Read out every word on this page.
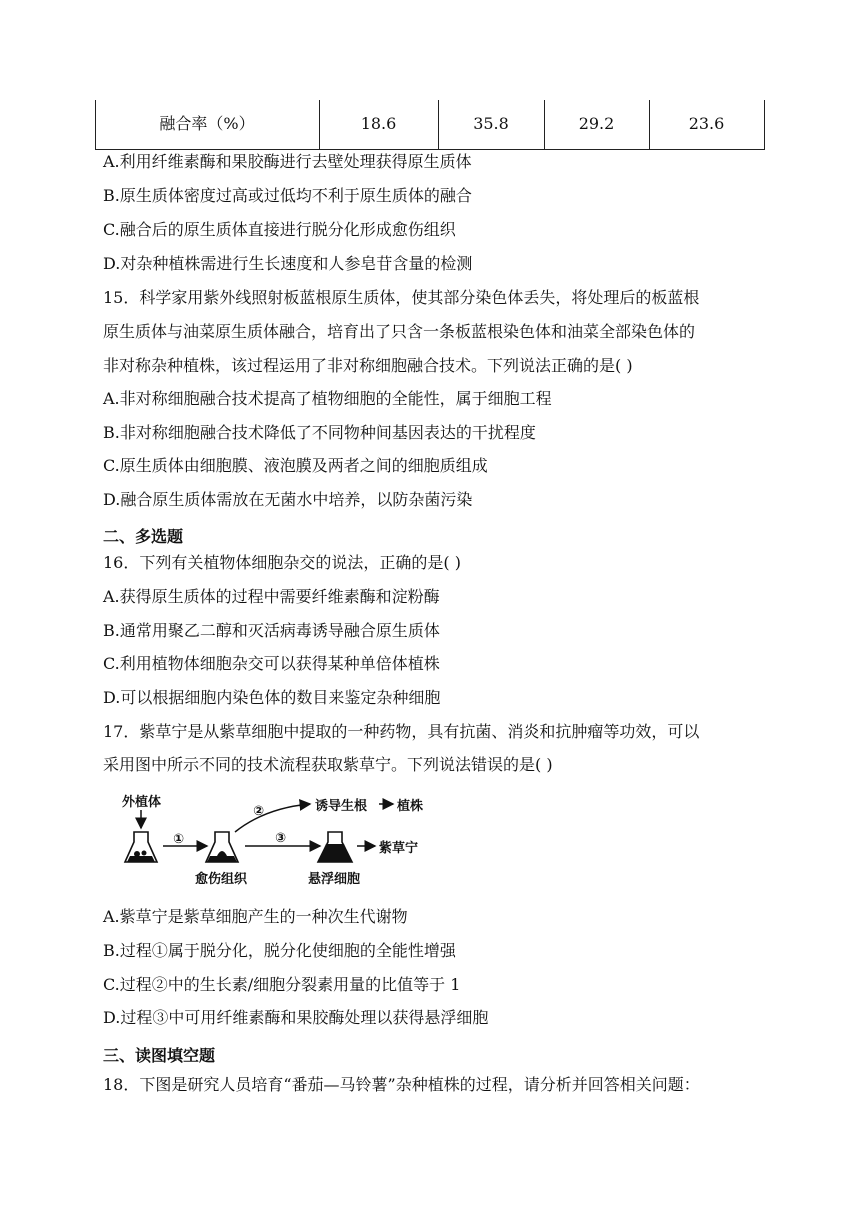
融合率（%）	18.6	35.8	29.2	23.6
A.利用纤维素酶和果胶酶进行去壁处理获得原生质体
B.原生质体密度过高或过低均不利于原生质体的融合
C.融合后的原生质体直接进行脱分化形成愈伤组织
D.对杂种植株需进行生长速度和人参皂苷含量的检测
15．科学家用紫外线照射板蓝根原生质体，使其部分染色体丢失，将处理后的板蓝根
原生质体与油菜原生质体融合，培育出了只含一条板蓝根染色体和油菜全部染色体的
非对称杂种植株，该过程运用了非对称细胞融合技术。下列说法正确的是( )
A.非对称细胞融合技术提高了植物细胞的全能性，属于细胞工程
B.非对称细胞融合技术降低了不同物种间基因表达的干扰程度
C.原生质体由细胞膜、液泡膜及两者之间的细胞质组成
D.融合原生质体需放在无菌水中培养，以防杂菌污染
二、多选题
16．下列有关植物体细胞杂交的说法，正确的是( )
A.获得原生质体的过程中需要纤维素酶和淀粉酶
B.通常用聚乙二醇和灭活病毒诱导融合原生质体
C.利用植物体细胞杂交可以获得某种单倍体植株
D.可以根据细胞内染色体的数目来鉴定杂种细胞
17．紫草宁是从紫草细胞中提取的一种药物，具有抗菌、消炎和抗肿瘤等功效，可以
采用图中所示不同的技术流程获取紫草宁。下列说法错误的是( )
外植体
①
②
③
诱导生根 植株
紫草宁
愈伤组织	悬浮细胞
A.紫草宁是紫草细胞产生的一种次生代谢物
B.过程①属于脱分化，脱分化使细胞的全能性增强
C.过程②中的生长素/细胞分裂素用量的比值等于 1
D.过程③中可用纤维素酶和果胶酶处理以获得悬浮细胞
三、读图填空题
18．下图是研究人员培育“番茄—马铃薯”杂种植株的过程，请分析并回答相关问题：
